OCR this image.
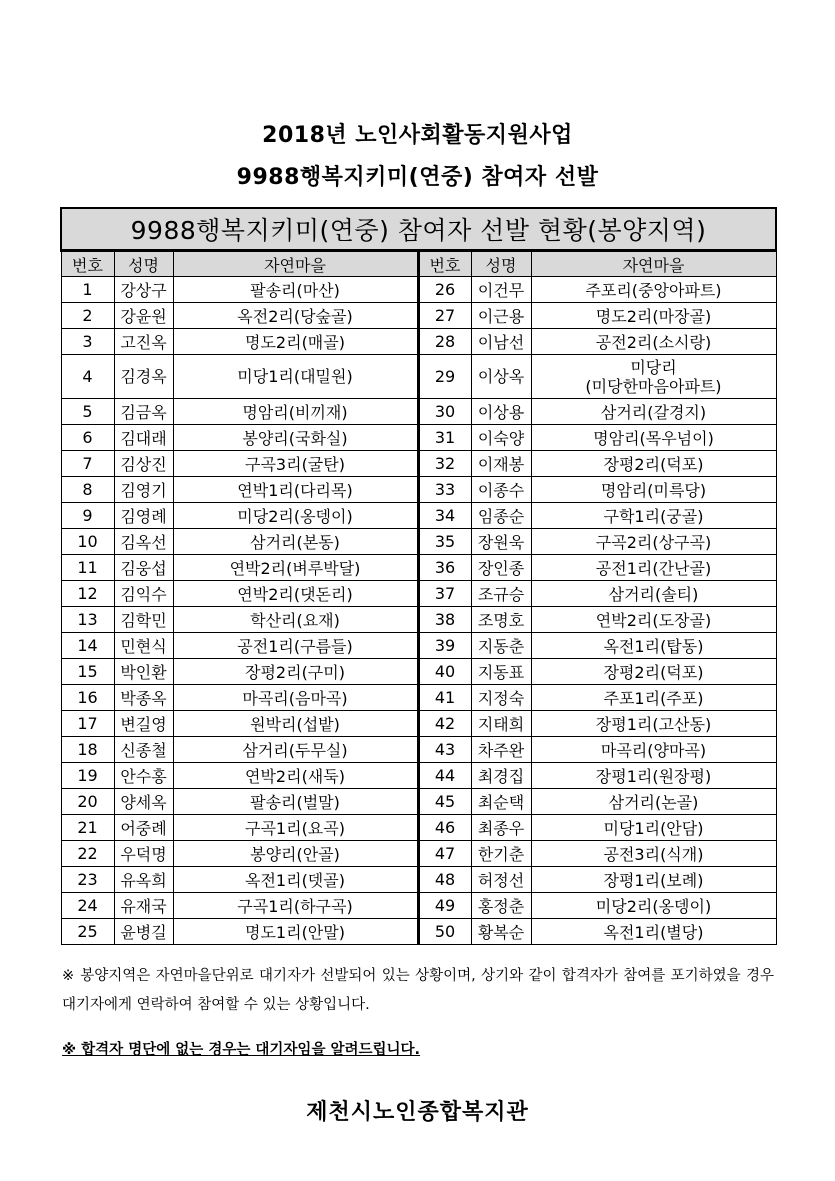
2018년 노인사회활동지원사업
9988행복지키미(연중) 참여자 선발
9988행복지키미(연중) 참여자 선발 현황(봉양지역)					
번호	성명	자연마을	번호	성명	자연마을
1	강상구	팔송리(마산)	26	이건무	주포리(중앙아파트)
2	강윤원	옥전2리(당숲골)	27	이근용	명도2리(마장골)
3	고진옥	명도2리(매골)	28	이남선	공전2리(소시랑)
4	김경옥	미당1리(대밀원)	29	이상옥	미당리
(미당한마음아파트)

5	김금옥	명암리(비끼재)	30	이상용	삼거리(갈경지)
6	김대래	봉양리(국화실)	31	이숙양	명암리(목우넘이)
7	김상진	구곡3리(굴탄)	32	이재봉	장평2리(덕포)
8	김영기	연박1리(다리목)	33	이종수	명암리(미륵당)
9	김영례	미당2리(옹뎅이)	34	임종순	구학1리(궁골)
10	김옥선	삼거리(본동)	35	장원욱	구곡2리(상구곡)
11	김웅섭	연박2리(벼루박달)	36	장인종	공전1리(간난골)
12	김익수	연박2리(댓돈리)	37	조규승	삼거리(솔티)
13	김학민	학산리(요재)	38	조명호	연박2리(도장골)
14	민현식	공전1리(구름들)	39	지동춘	옥전1리(탑동)
15	박인환	장평2리(구미)	40	지동표	장평2리(덕포)
16	박종옥	마곡리(음마곡)	41	지정숙	주포1리(주포)
17	변길영	원박리(섭밭)	42	지태희	장평1리(고산동)
18	신종철	삼거리(두무실)	43	차주완	마곡리(양마곡)
19	안수홍	연박2리(새둑)	44	최경집	장평1리(원장평)
20	양세옥	팔송리(벌말)	45	최순택	삼거리(논골)
21	어중례	구곡1리(요곡)	46	최종우	미당1리(안담)
22	우덕명	봉양리(안골)	47	한기춘	공전3리(식개)
23	유옥희	옥전1리(뎃골)	48	허정선	장평1리(보례)
24	유재국	구곡1리(하구곡)	49	홍정춘	미당2리(옹뎅이)
25	윤병길	명도1리(안말)	50	황복순	옥전1리(별당)
※ 봉양지역은 자연마을단위로 대기자가 선발되어 있는 상황이며, 상기와 같이 합격자가 참여를 포기하였을 경우 대기자에게 연락하여 참여할 수 있는 상황입니다.
※ 합격자 명단에 없는 경우는 대기자임을 알려드립니다.
제천시노인종합복지관
